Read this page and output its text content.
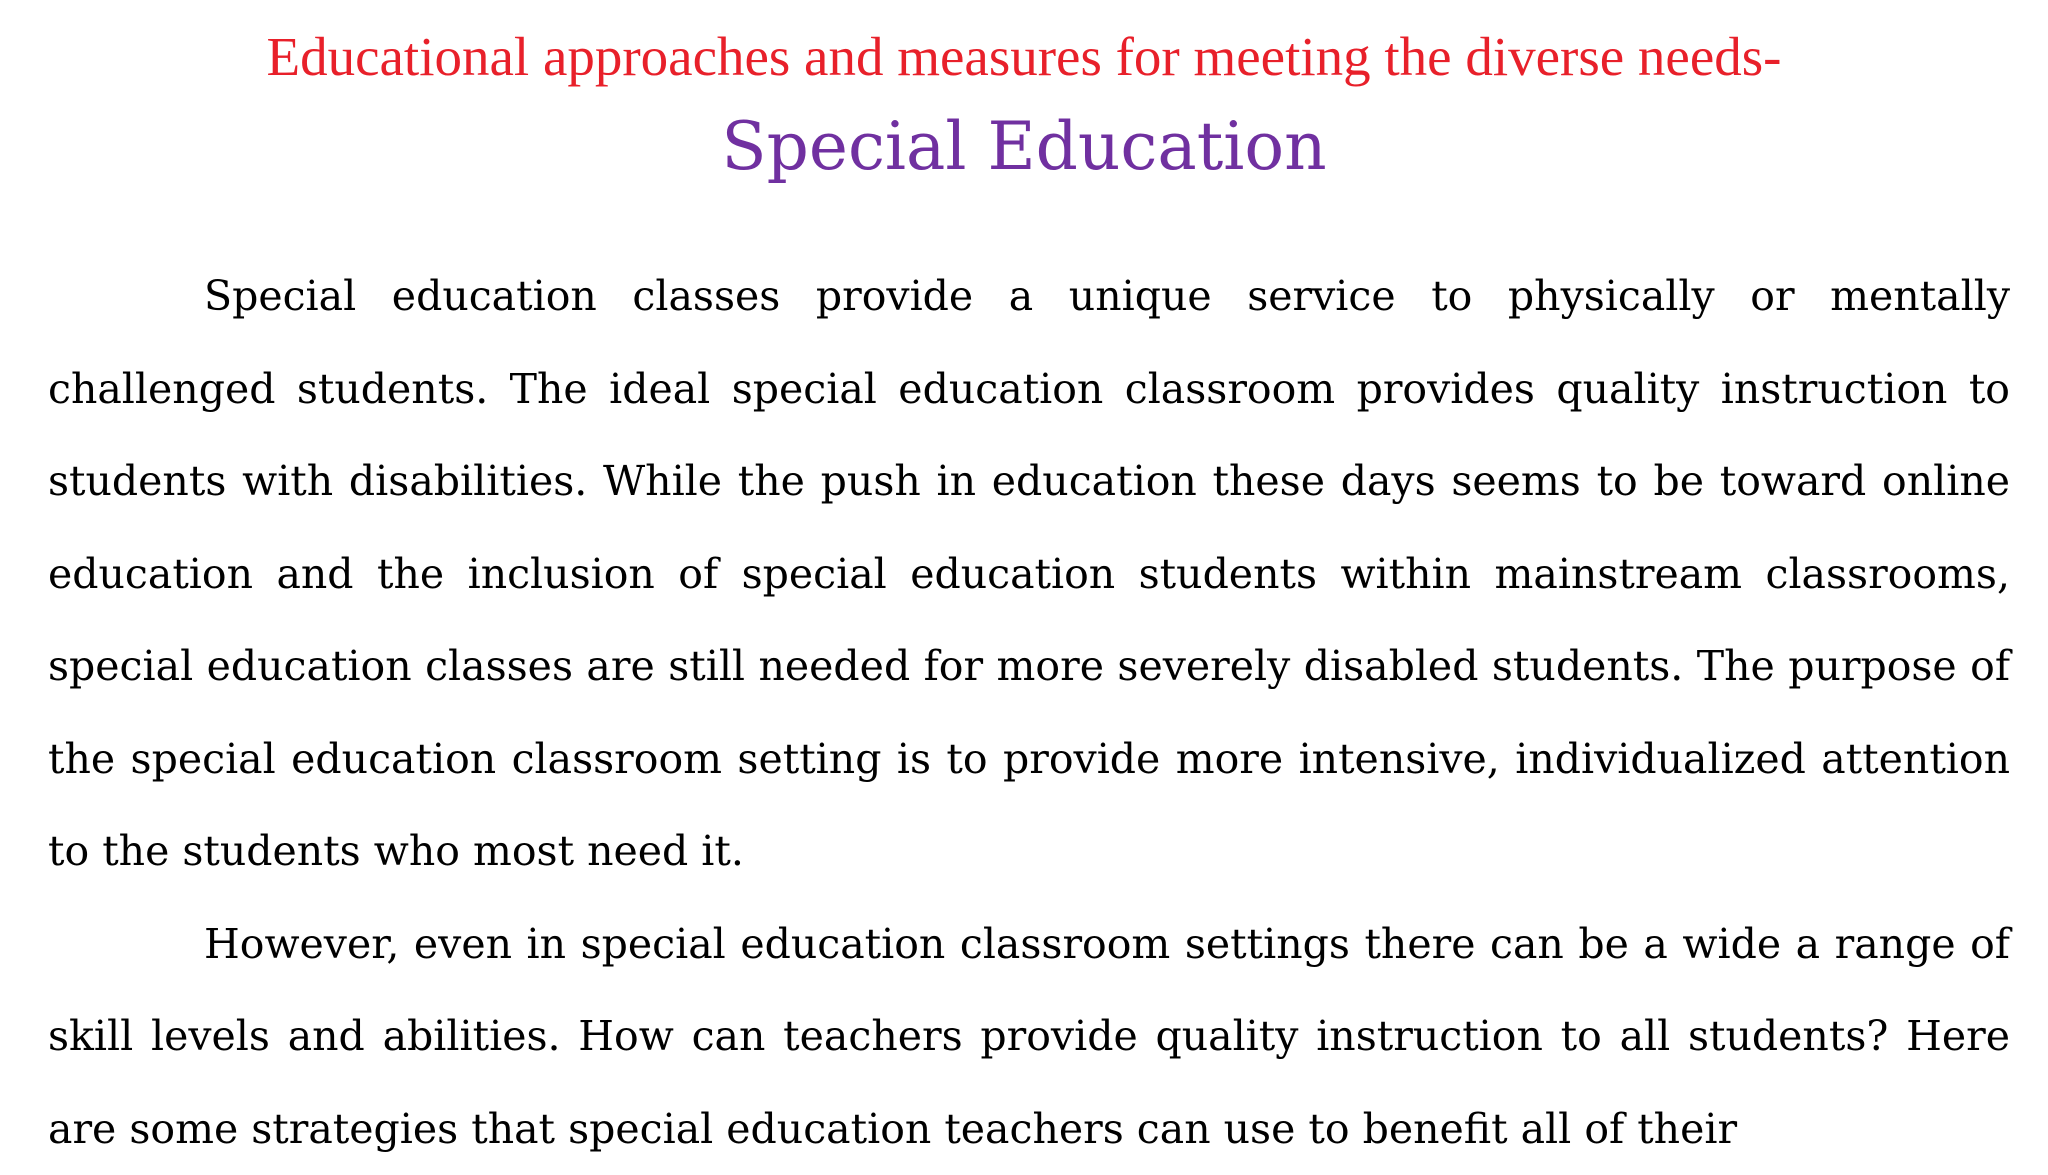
Educational approaches and measures for meeting the diverse needs-
Special Education

Special education classes provide a unique service to physically or mentally challenged students. The ideal special education classroom provides quality instruction to students with disabilities. While the push in education these days seems to be toward online education and the inclusion of special education students within mainstream classrooms, special education classes are still needed for more severely disabled students. The purpose of the special education classroom setting is to provide more intensive, individualized attention to the students who most need it.

However, even in special education classroom settings there can be a wide a range of skill levels and abilities. How can teachers provide quality instruction to all students? Here are some strategies that special education teachers can use to benefit all of their
